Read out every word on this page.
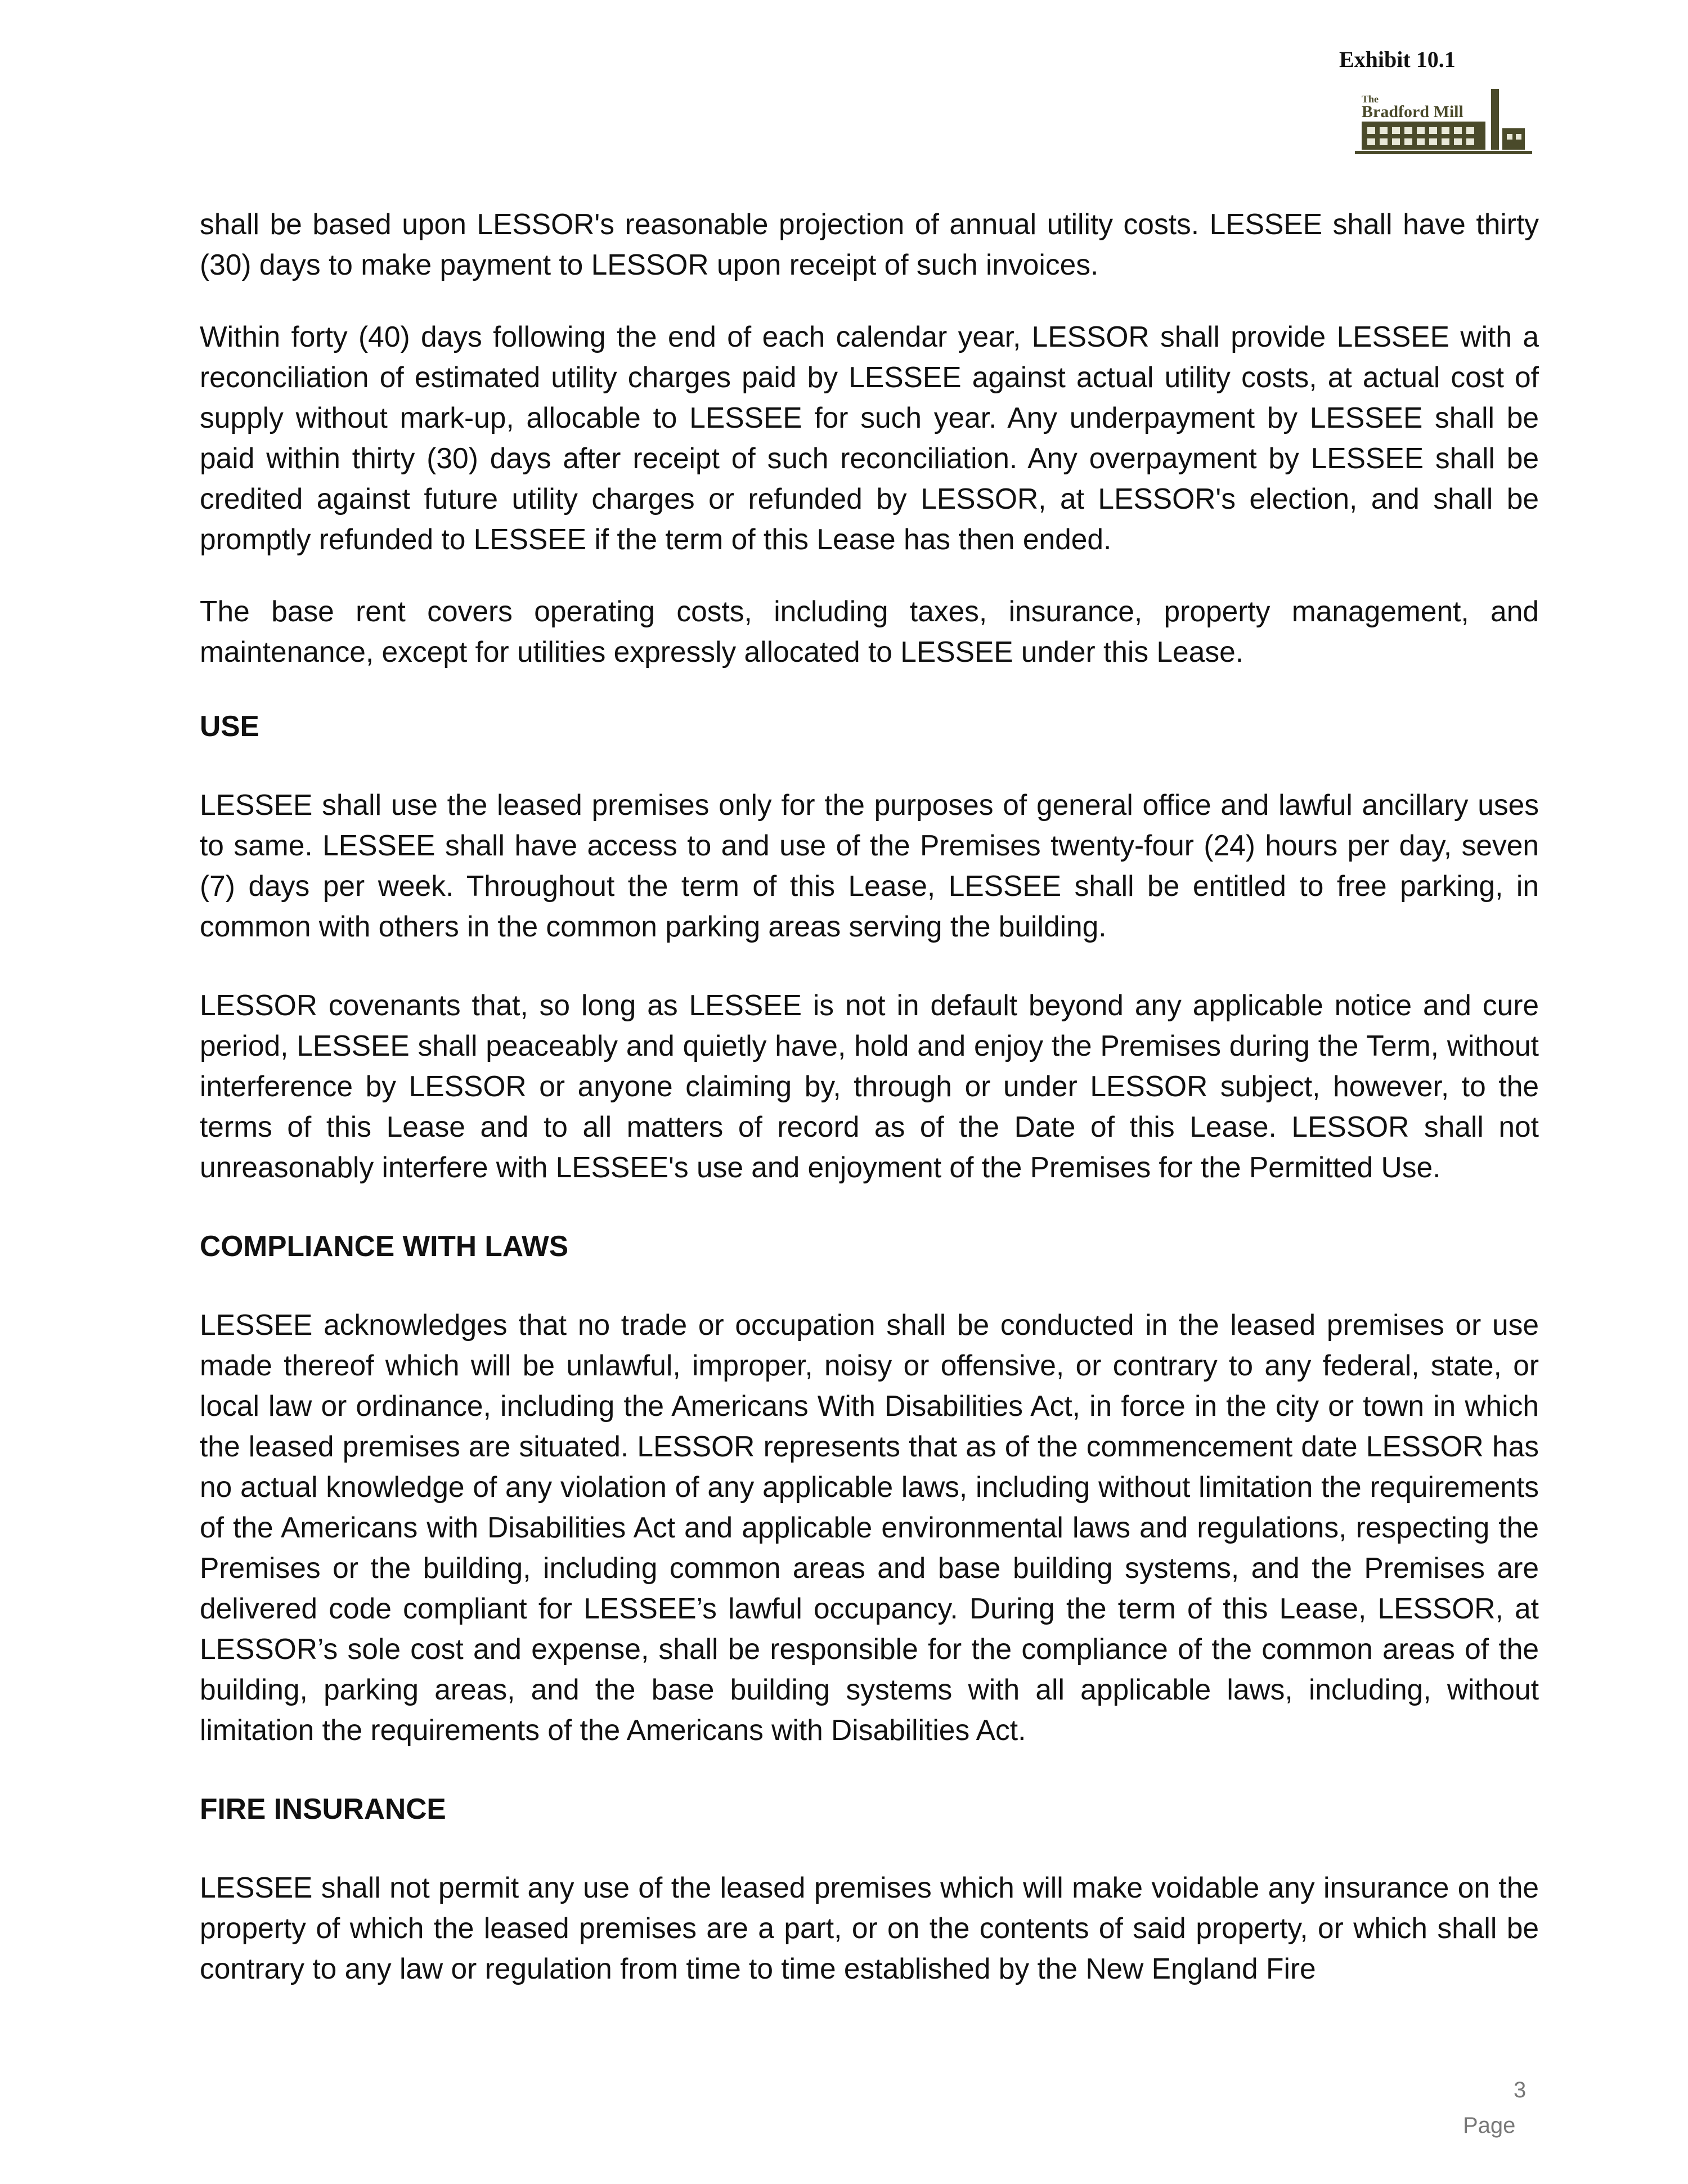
Exhibit 10.1
The
Bradford Mill

shall be based upon LESSOR's reasonable projection of annual utility costs. LESSEE shall have thirty (30) days to make payment to LESSOR upon receipt of such invoices.

Within forty (40) days following the end of each calendar year, LESSOR shall provide LESSEE with a reconciliation of estimated utility charges paid by LESSEE against actual utility costs, at actual cost of supply without mark-up, allocable to LESSEE for such year. Any underpayment by LESSEE shall be paid within thirty (30) days after receipt of such reconciliation. Any overpayment by LESSEE shall be credited against future utility charges or refunded by LESSOR, at LESSOR's election, and shall be promptly refunded to LESSEE if the term of this Lease has then ended.

The base rent covers operating costs, including taxes, insurance, property management, and maintenance, except for utilities expressly allocated to LESSEE under this Lease.

USE

LESSEE shall use the leased premises only for the purposes of general office and lawful ancillary uses to same. LESSEE shall have access to and use of the Premises twenty-four (24) hours per day, seven (7) days per week. Throughout the term of this Lease, LESSEE shall be entitled to free parking, in common with others in the common parking areas serving the building.

LESSOR covenants that, so long as LESSEE is not in default beyond any applicable notice and cure period, LESSEE shall peaceably and quietly have, hold and enjoy the Premises during the Term, without interference by LESSOR or anyone claiming by, through or under LESSOR subject, however, to the terms of this Lease and to all matters of record as of the Date of this Lease. LESSOR shall not unreasonably interfere with LESSEE's use and enjoyment of the Premises for the Permitted Use.

COMPLIANCE WITH LAWS

LESSEE acknowledges that no trade or occupation shall be conducted in the leased premises or use made thereof which will be unlawful, improper, noisy or offensive, or contrary to any federal, state, or local law or ordinance, including the Americans With Disabilities Act, in force in the city or town in which the leased premises are situated. LESSOR represents that as of the commencement date LESSOR has no actual knowledge of any violation of any applicable laws, including without limitation the requirements of the Americans with Disabilities Act and applicable environmental laws and regulations, respecting the Premises or the building, including common areas and base building systems, and the Premises are delivered code compliant for LESSEE’s lawful occupancy. During the term of this Lease, LESSOR, at LESSOR’s sole cost and expense, shall be responsible for the compliance of the common areas of the building, parking areas, and the base building systems with all applicable laws, including, without limitation the requirements of the Americans with Disabilities Act.

FIRE INSURANCE

LESSEE shall not permit any use of the leased premises which will make voidable any insurance on the property of which the leased premises are a part, or on the contents of said property, or which shall be contrary to any law or regulation from time to time established by the New England Fire

3
Page
